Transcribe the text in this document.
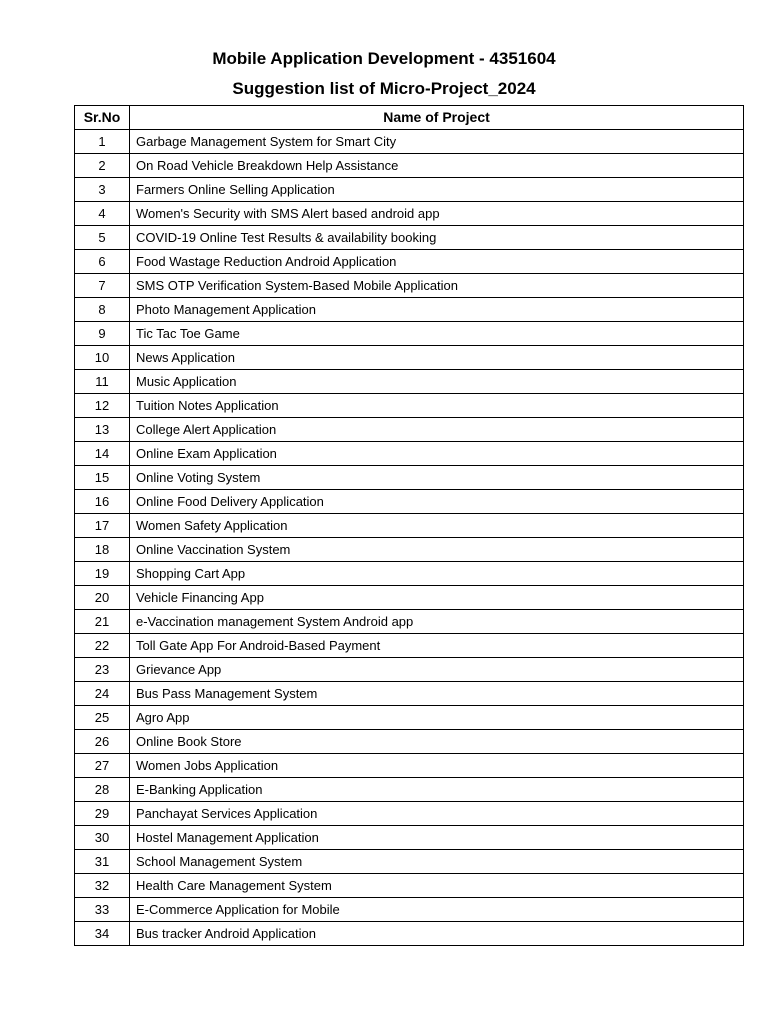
Mobile Application Development - 4351604
Suggestion list of Micro-Project_2024
Sr.No	Name of Project
1	Garbage Management System for Smart City
2	On Road Vehicle Breakdown Help Assistance
3	Farmers Online Selling Application
4	Women's Security with SMS Alert based android app
5	COVID-19 Online Test Results & availability booking
6	Food Wastage Reduction Android Application
7	SMS OTP Verification System-Based Mobile Application
8	Photo Management Application
9	Tic Tac Toe Game
10	News Application
11	Music Application
12	Tuition Notes Application
13	College Alert Application
14	Online Exam Application
15	Online Voting System
16	Online Food Delivery Application
17	Women Safety Application
18	Online Vaccination System
19	Shopping Cart App
20	Vehicle Financing App
21	e-Vaccination management System Android app
22	Toll Gate App For Android-Based Payment
23	Grievance App
24	Bus Pass Management System
25	Agro App
26	Online Book Store
27	Women Jobs Application
28	E-Banking Application
29	Panchayat Services Application
30	Hostel Management Application
31	School Management System
32	Health Care Management System
33	E-Commerce Application for Mobile
34	Bus tracker Android Application
